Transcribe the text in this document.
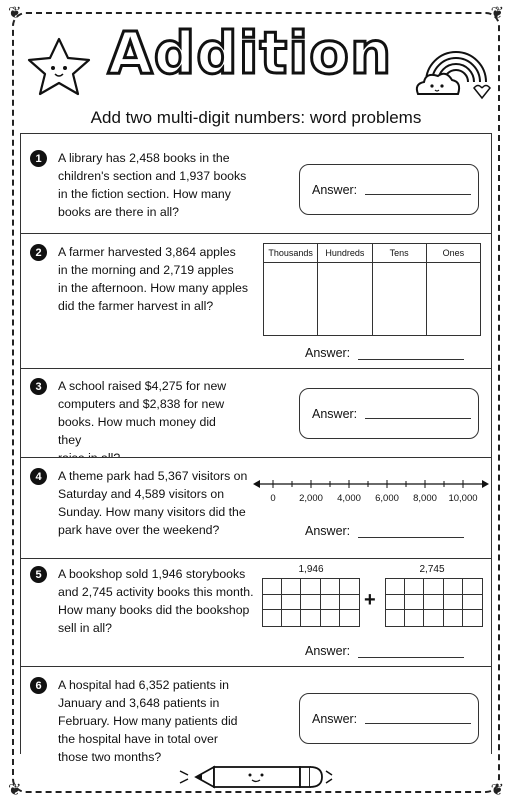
❦	❦
❦	❦
Addition
Add two multi-digit numbers: word problems
1	A library has 2,458 books in the
children's section and 1,937 books
in the fiction section. How many
books are there in all?
Answer:
2	A farmer harvested 3,864 apples
in the morning and 2,719 apples
in the afternoon. How many apples
did the farmer harvest in all?
Thousands	Hundreds	Tens	Ones
Answer:
3	A school raised $4,275 for new
computers and $2,838 for new
books. How much money did they
Answer:
4	A theme park had 5,367 visitors on
Saturday and 4,589 visitors on
Sunday. How many visitors did the
park have over the weekend?
0	2,000	4,000	6,000	8,000	10,000
Answer:
5	A bookshop sold 1,946 storybooks
and 2,745 activity books this month.
How many books did the bookshop
sell in all?
1,946	2,745
+
Answer:
6	A hospital had 6,352 patients in
January and 3,648 patients in
February. How many patients did
the hospital have in total over
those two months?
Answer:
